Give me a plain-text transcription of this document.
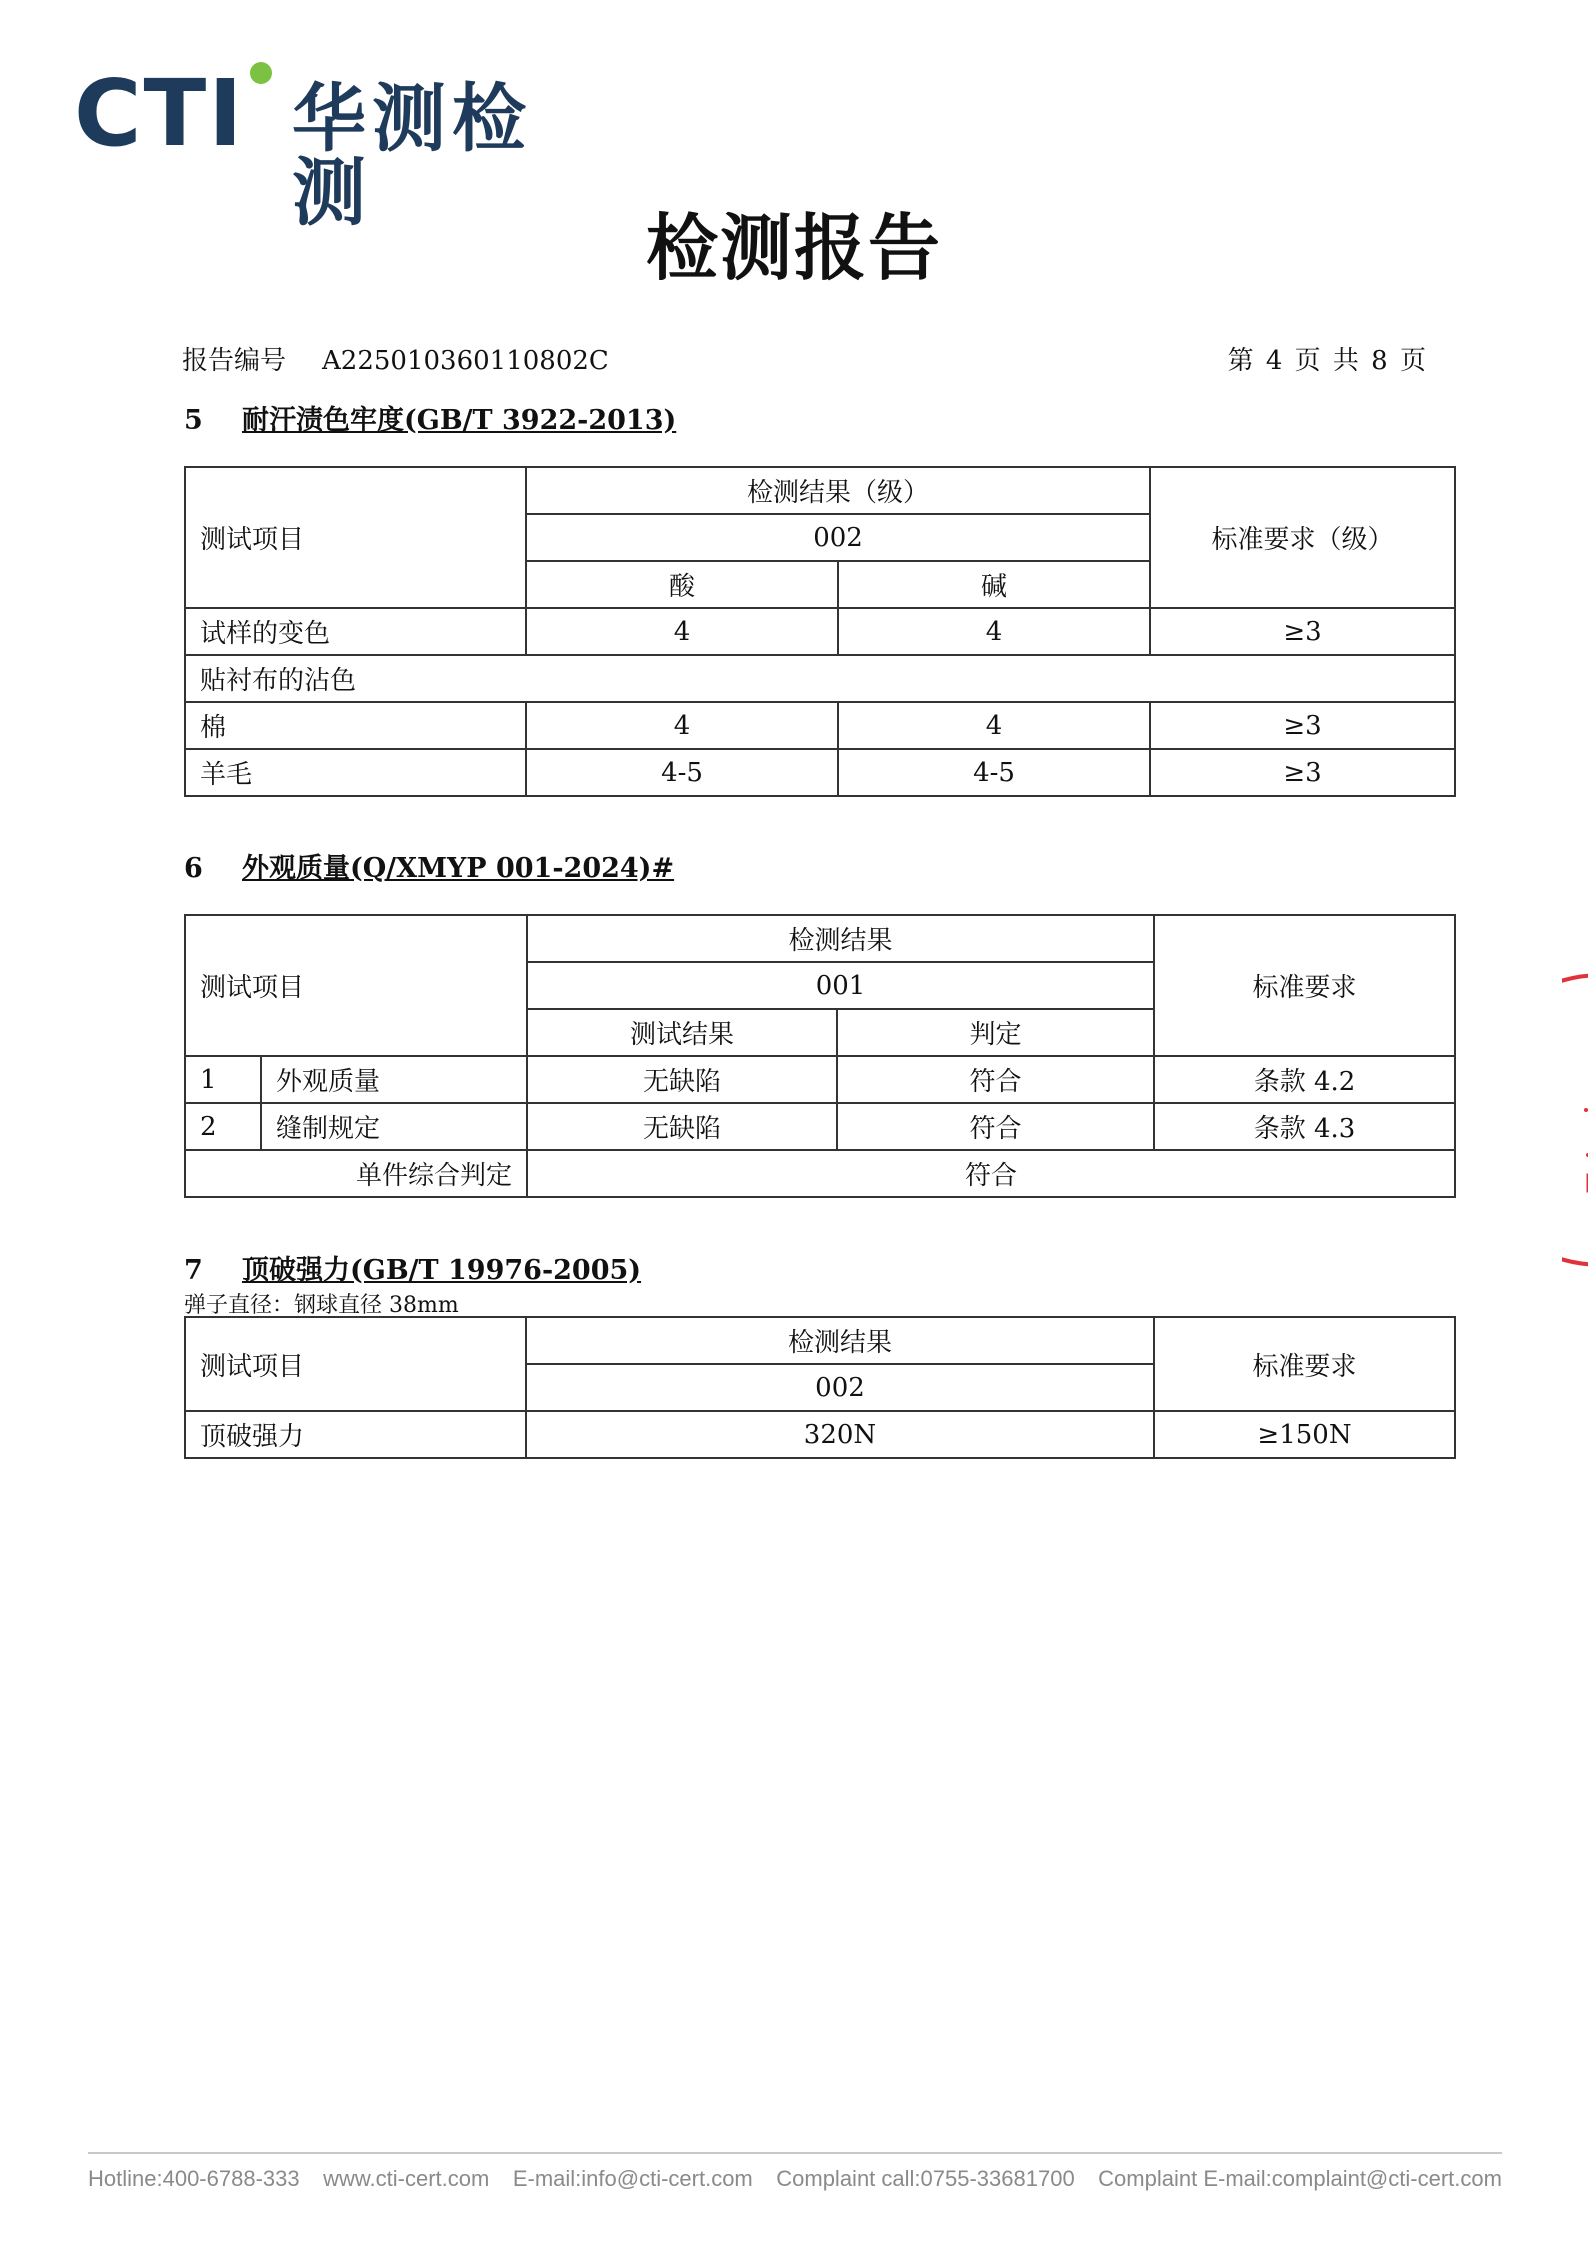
CTI 华测检测
检测报告
报告编号 A225010360110802C	第 4 页 共 8 页
5 耐汗渍色牢度(GB/T 3922-2013)
测试项目	检测结果（级）		标准要求（级）
	002		
	酸	碱	
试样的变色	4	4	≥3
贴衬布的沾色			
棉	4	4	≥3
羊毛	4-5	4-5	≥3
6 外观质量(Q/XMYP 001-2024)#
测试项目		检测结果		标准要求
		001		
		测试结果	判定	
1	外观质量	无缺陷	符合	条款 4.2
2	缝制规定	无缺陷	符合	条款 4.3
单件综合判定		符合		
7 顶破强力(GB/T 19976-2005)
弹子直径：钢球直径 38mm
测试项目	检测结果	标准要求
	002	
顶破强力	320N	≥150N
Hotline:400-6788-333 www.cti-cert.com E-mail:info@cti-cert.com Complaint call:0755-33681700 Complaint E-mail:complaint@cti-cert.com
